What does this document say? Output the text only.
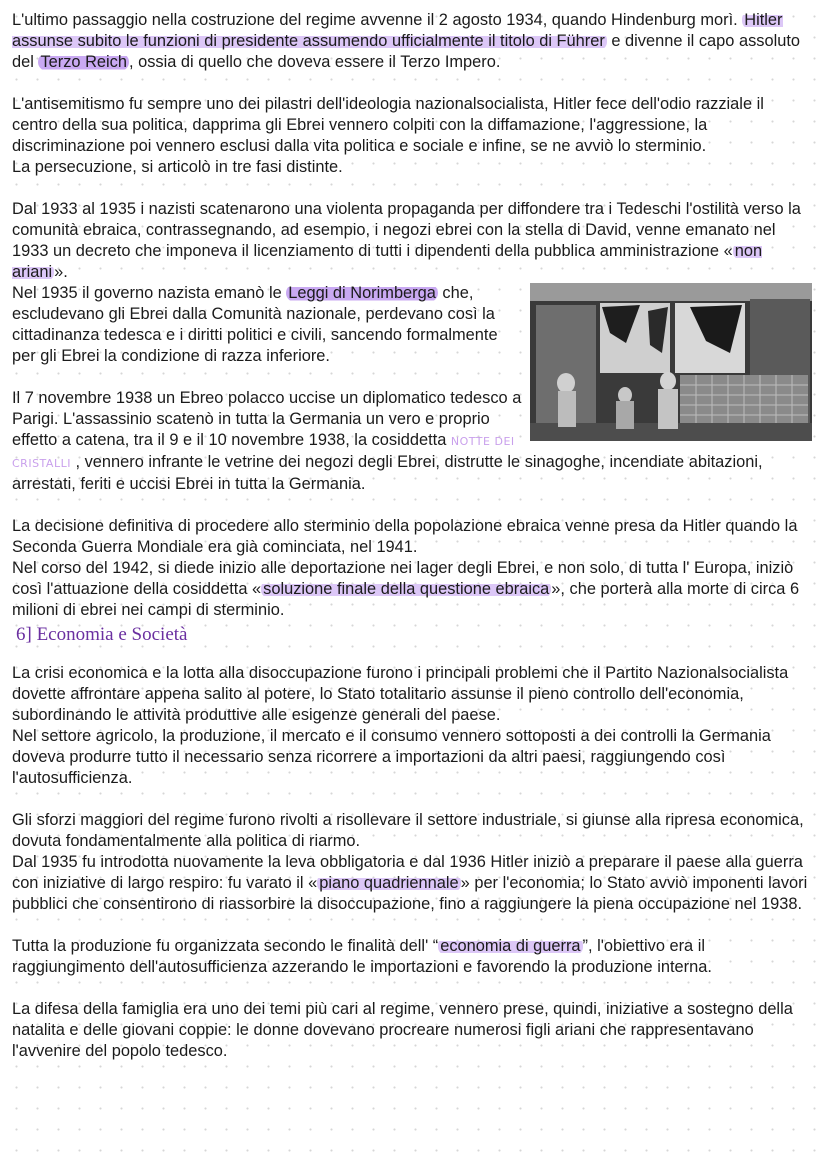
L'ultimo passaggio nella costruzione del regime avvenne il 2 agosto 1934, quando Hindenburg morì. Hitler assunse subito le funzioni di presidente assumendo ufficialmente il titolo di Führer e divenne il capo assoluto del Terzo Reich , ossia di quello che doveva essere il Terzo Impero.

L'antisemitismo fu sempre uno dei pilastri dell'ideologia nazionalsocialista, Hitler fece dell'odio razziale il centro della sua politica, dapprima gli Ebrei vennero colpiti con la diffamazione, l'aggressione, la discriminazione poi vennero esclusi dalla vita politica e sociale e infine, se ne avviò lo sterminio.

La persecuzione, si articolò in tre fasi distinte.

Dal 1933 al 1935 i nazisti scatenarono una violenta propaganda per diffondere tra i Tedeschi l'ostilità verso la comunità ebraica, contrassegnando, ad esempio, i negozi ebrei con la stella di David, venne emanato nel 1933 un decreto che imponeva il licenziamento di tutti i dipendenti della pubblica amministrazione « non ariani ».

Nel 1935 il governo nazista emanò le Leggi di Norimberga che, escludevano gli Ebrei dalla Comunità nazionale, perdevano così la cittadinanza tedesca e i diritti politici e civili, sancendo formalmente per gli Ebrei la condizione di razza inferiore.

Il 7 novembre 1938 un Ebreo polacco uccise un diplomatico tedesco a Parigi. L'assassinio scatenò in tutta la Germania un vero e proprio effetto a catena, tra il 9 e il 10 novembre 1938, la cosiddetta NOTTE DEI CRISTALLI , vennero infrante le vetrine dei negozi degli Ebrei, distrutte le sinagoghe, incendiate abitazioni, arrestati, feriti e uccisi Ebrei in tutta la Germania.

La decisione definitiva di procedere allo sterminio della popolazione ebraica venne presa da Hitler quando la Seconda Guerra Mondiale era già cominciata, nel 1941.

Nel corso del 1942, si diede inizio alle deportazione nei lager degli Ebrei, e non solo, di tutta l' Europa, iniziò così l'attuazione della cosiddetta « soluzione finale della questione ebraica », che porterà alla morte di circa 6 milioni di ebrei nei campi di sterminio.

6] Economia e Società

La crisi economica e la lotta alla disoccupazione furono i principali problemi che il Partito Nazionalsocialista dovette affrontare appena salito al potere, lo Stato totalitario assunse il pieno controllo dell'economia, subordinando le attività produttive alle esigenze generali del paese.

Nel settore agricolo, la produzione, il mercato e il consumo vennero sottoposti a dei controlli la Germania doveva produrre tutto il necessario senza ricorrere a importazioni da altri paesi, raggiungendo così l'autosufficienza.

Gli sforzi maggiori del regime furono rivolti a risollevare il settore industriale, si giunse alla ripresa economica, dovuta fondamentalmente alla politica di riarmo.

Dal 1935 fu introdotta nuovamente la leva obbligatoria e dal 1936 Hitler iniziò a preparare il paese alla guerra con iniziative di largo respiro: fu varato il « piano quadriennale » per l'economia; lo Stato avviò imponenti lavori pubblici che consentirono di riassorbire la disoccupazione, fino a raggiungere la piena occupazione nel 1938.

Tutta la produzione fu organizzata secondo le finalità dell' “ economia di guerra ”, l'obiettivo era il raggiungimento dell'autosufficienza azzerando le importazioni e favorendo la produzione interna.

La difesa della famiglia era uno dei temi più cari al regime, vennero prese, quindi, iniziative a sostegno della natalita e delle giovani coppie: le donne dovevano procreare numerosi figli ariani che rappresentavano l'avvenire del popolo tedesco.
